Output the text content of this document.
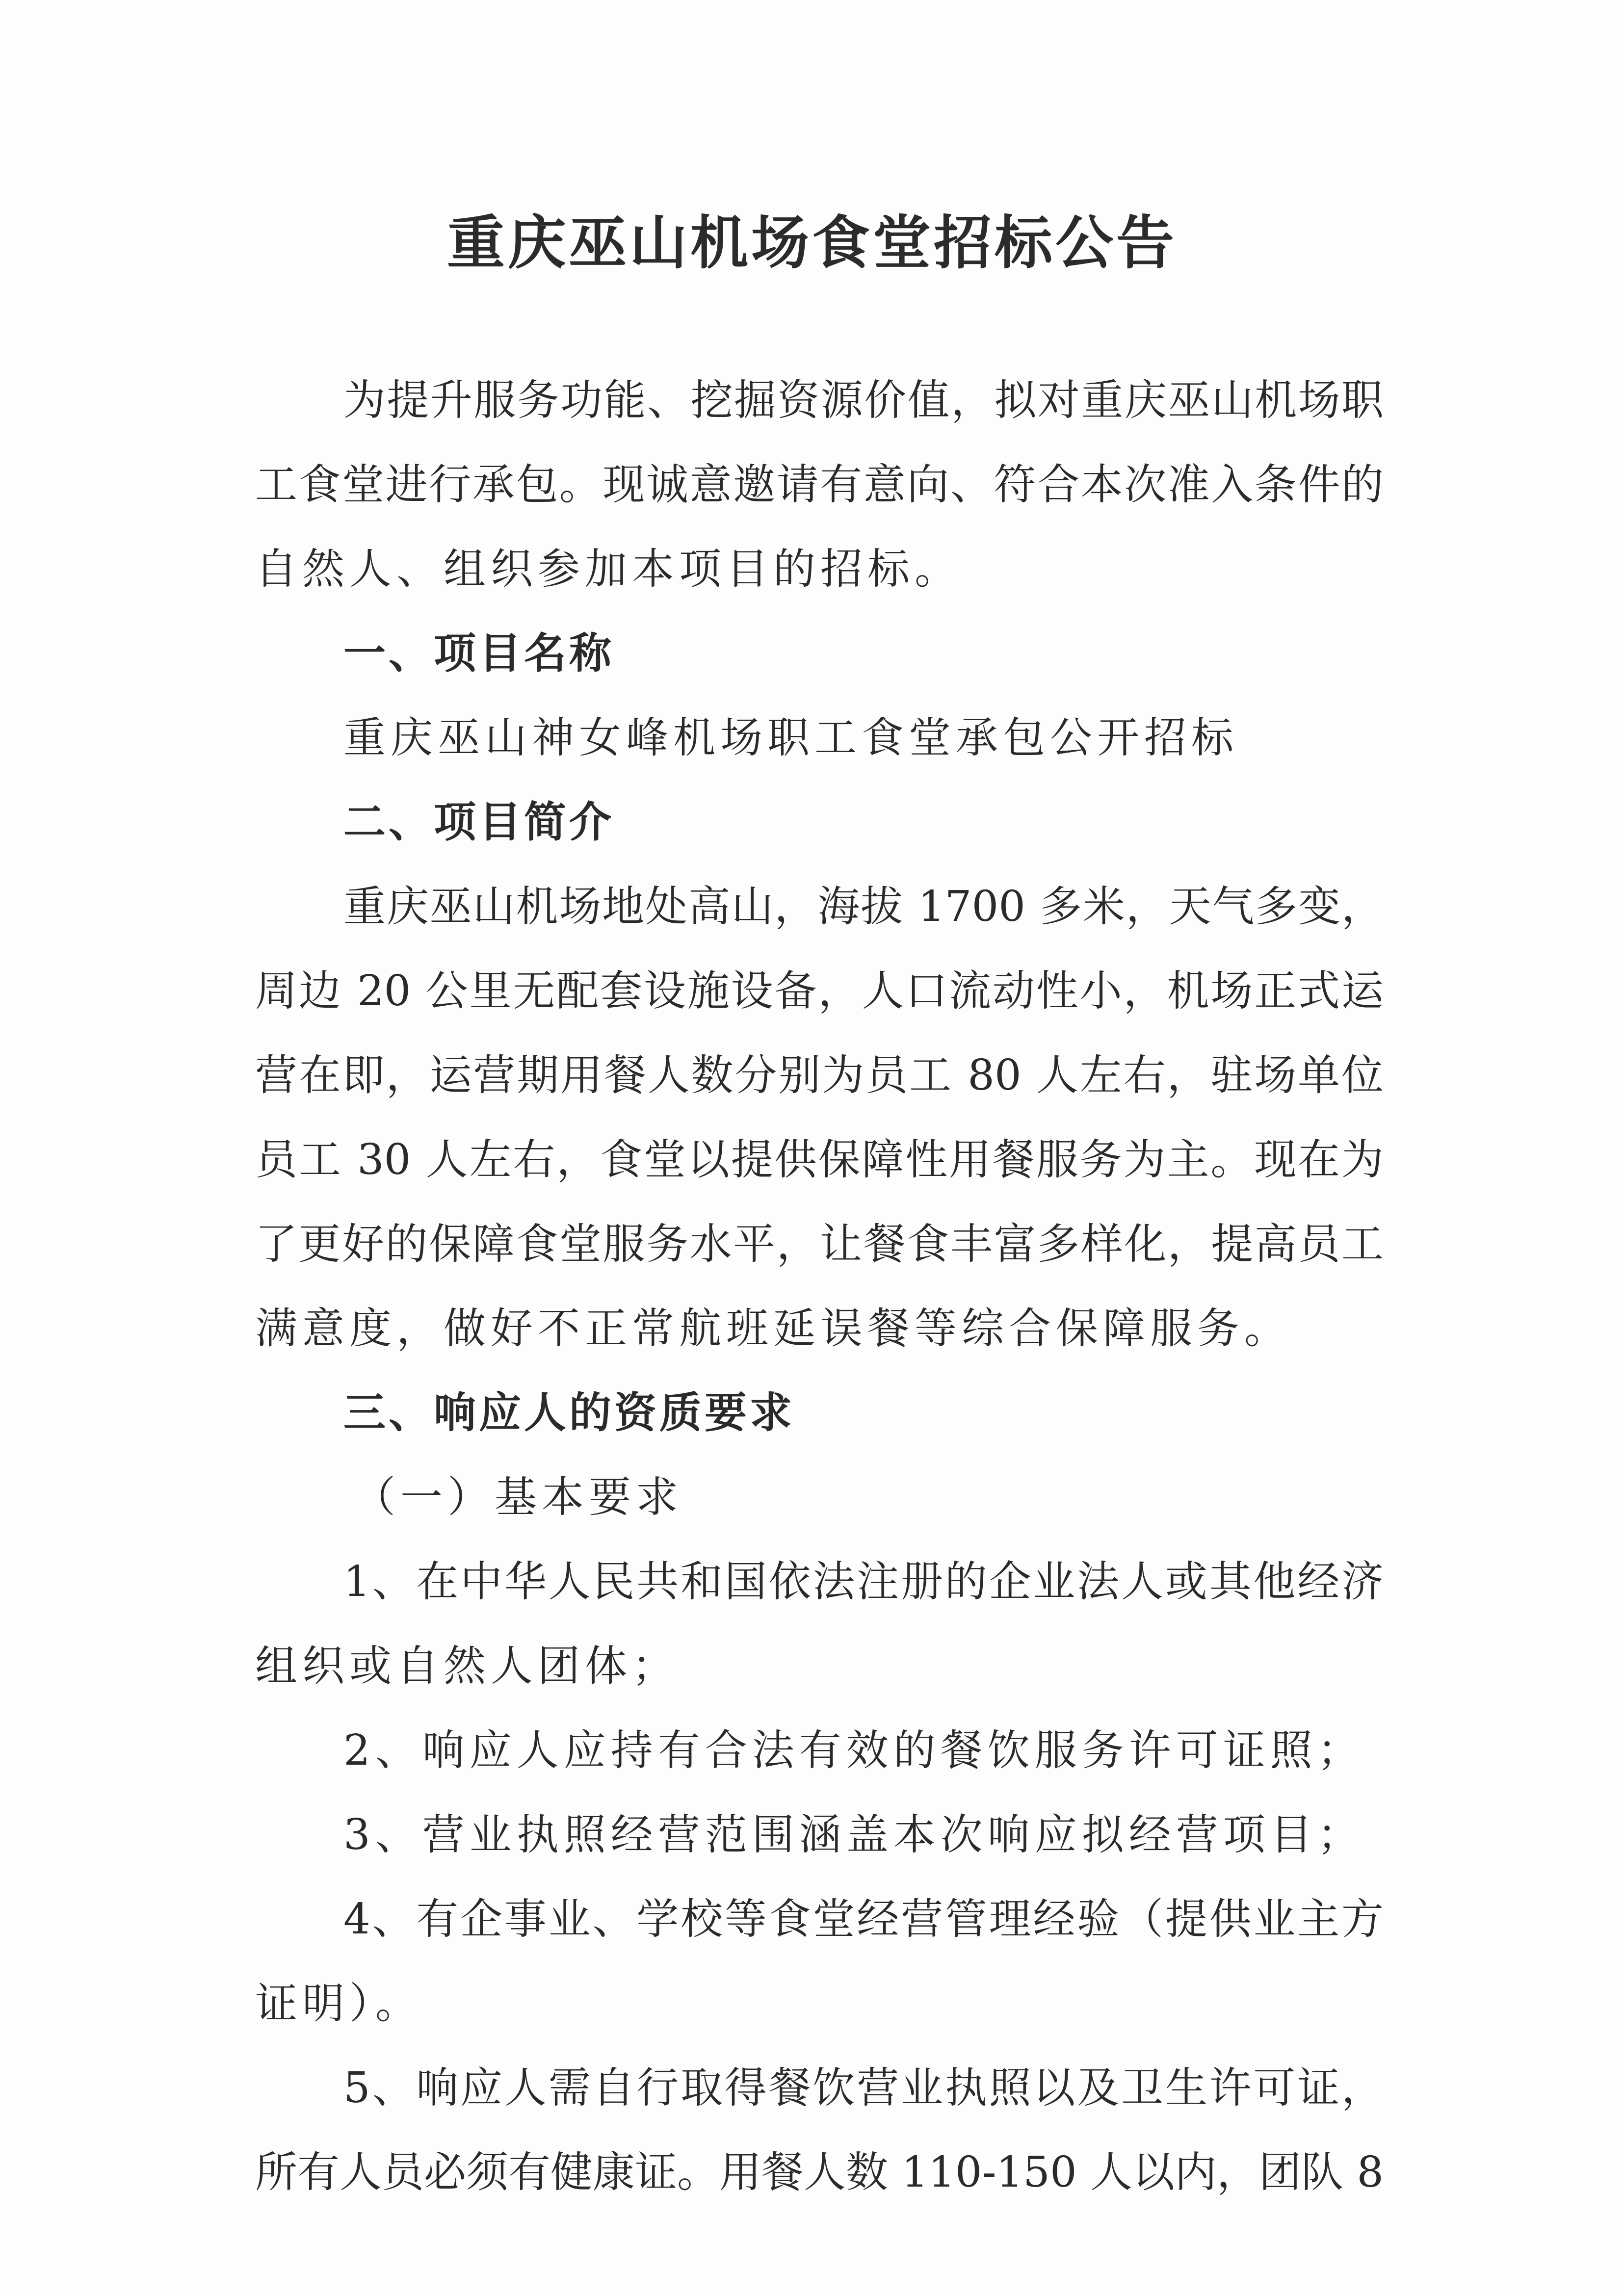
重庆巫山机场食堂招标公告
为提升服务功能、挖掘资源价值，拟对重庆巫山机场职
工食堂进行承包。现诚意邀请有意向、符合本次准入条件的
自然人、组织参加本项目的招标。
一、项目名称
重庆巫山神女峰机场职工食堂承包公开招标
二、项目简介
重庆巫山机场地处高山，海拔 1700 多米，天气多变，
周边 20 公里无配套设施设备，人口流动性小，机场正式运
营在即，运营期用餐人数分别为员工 80 人左右，驻场单位
员工 30 人左右，食堂以提供保障性用餐服务为主。现在为
了更好的保障食堂服务水平，让餐食丰富多样化，提高员工
满意度，做好不正常航班延误餐等综合保障服务。
三、响应人的资质要求
（一）基本要求
1、在中华人民共和国依法注册的企业法人或其他经济
组织或自然人团体；
2、响应人应持有合法有效的餐饮服务许可证照；
3、营业执照经营范围涵盖本次响应拟经营项目；
4、有企事业、学校等食堂经营管理经验（提供业主方
证明）。
5、响应人需自行取得餐饮营业执照以及卫生许可证，
所有人员必须有健康证。用餐人数 110-150 人以内，团队 8
